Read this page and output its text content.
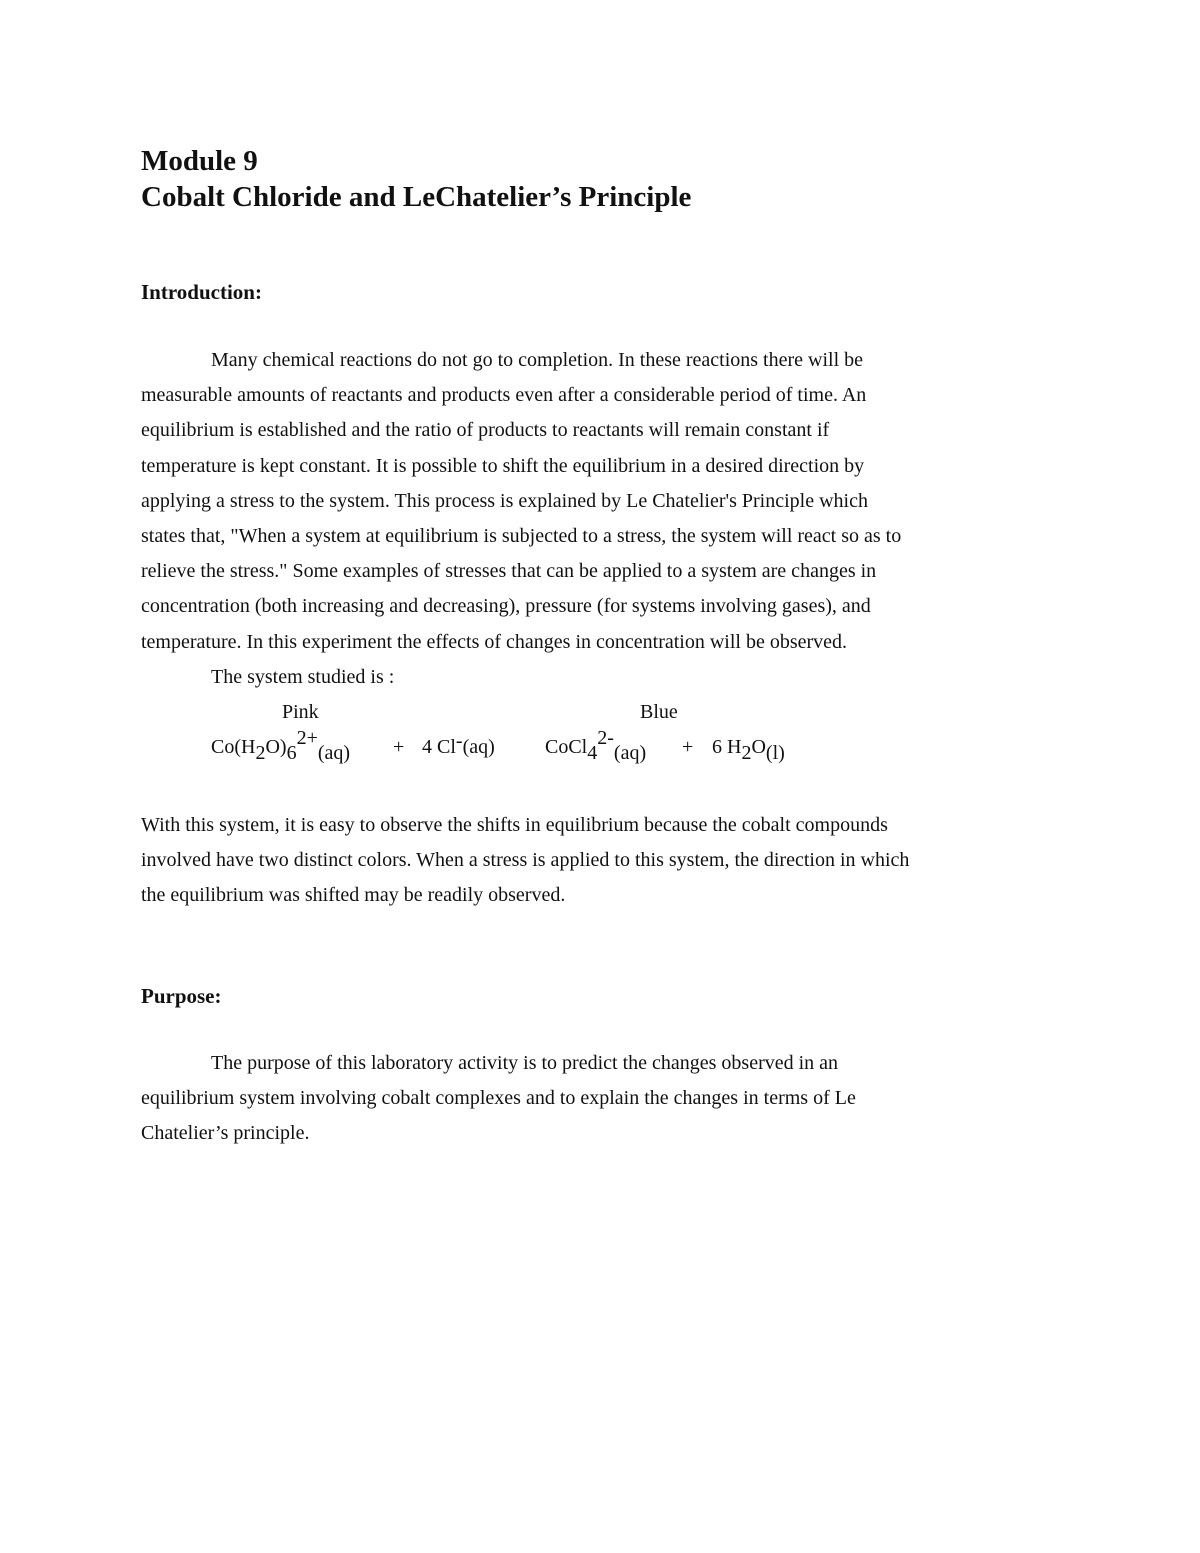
Module 9
Cobalt Chloride and LeChatelier’s Principle
Introduction:
Many chemical reactions do not go to completion. In these reactions there will be
measurable amounts of reactants and products even after a considerable period of time. An
equilibrium is established and the ratio of products to reactants will remain constant if
temperature is kept constant. It is possible to shift the equilibrium in a desired direction by
applying a stress to the system. This process is explained by Le Chatelier's Principle which
states that, "When a system at equilibrium is subjected to a stress, the system will react so as to
relieve the stress." Some examples of stresses that can be applied to a system are changes in
concentration (both increasing and decreasing), pressure (for systems involving gases), and
temperature. In this experiment the effects of changes in concentration will be observed.
The system studied is :
Pink	Blue
Co(H2O)62+(aq) + 4 Cl-(aq)	CoCl42-(aq) + 6 H2O(l)
With this system, it is easy to observe the shifts in equilibrium because the cobalt compounds
involved have two distinct colors. When a stress is applied to this system, the direction in which
the equilibrium was shifted may be readily observed.
Purpose:
The purpose of this laboratory activity is to predict the changes observed in an
equilibrium system involving cobalt complexes and to explain the changes in terms of Le
Chatelier’s principle.
